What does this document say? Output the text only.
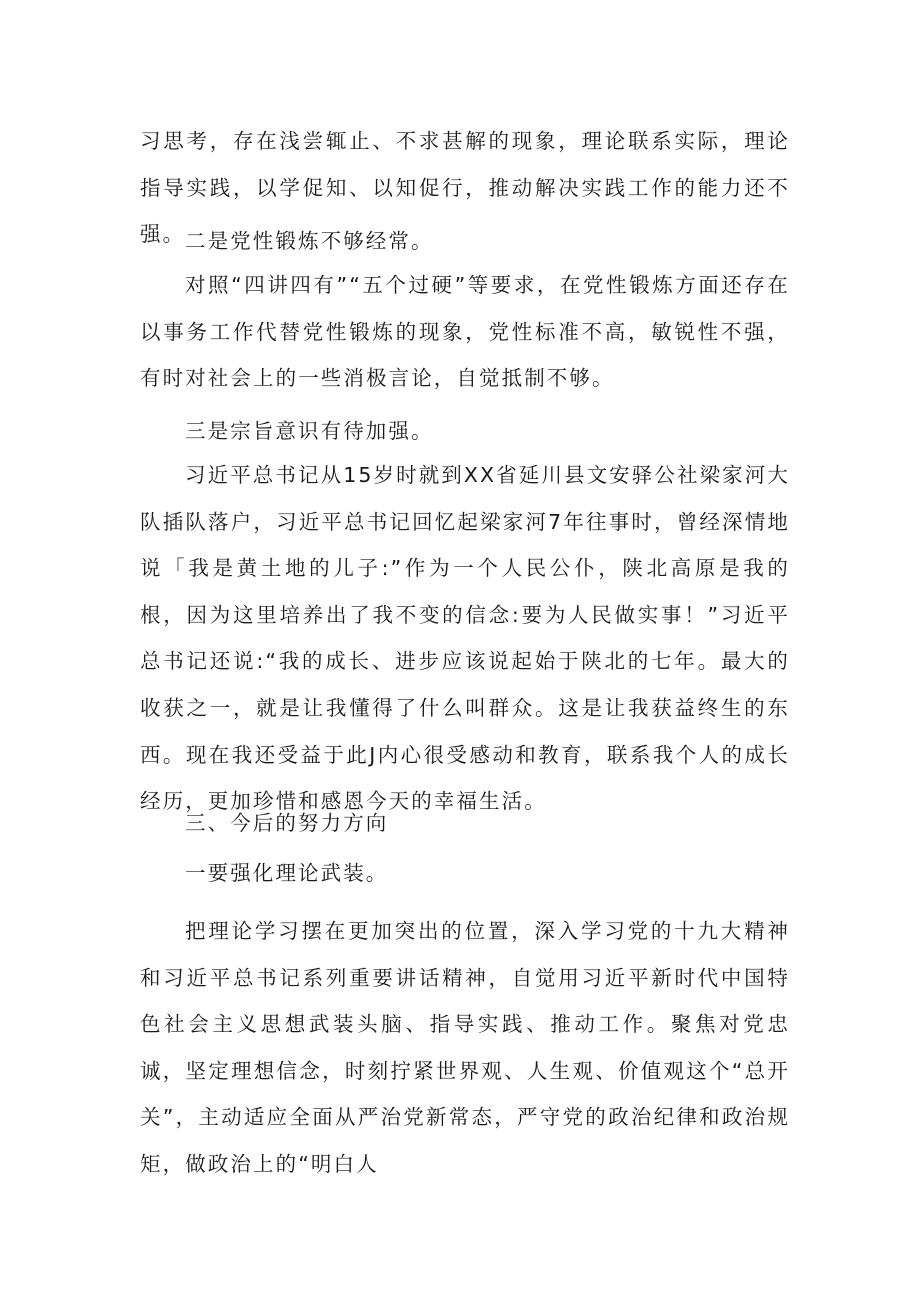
习思考，存在浅尝辄止、不求甚解的现象，理论联系实际，理论指导实践，以学促知、以知促行，推动解决实践工作的能力还不强。 二是党性锻炼不够经常。

对照“四讲四有”“五个过硬”等要求，在党性锻炼方面还存在以事务工作代替党性锻炼的现象，党性标准不高，敏锐性不强，有时对社会上的一些消极言论，自觉抵制不够。

三是宗旨意识有待加强。

习近平总书记从15岁时就到XX省延川县文安驿公社梁家河大队插队落户，习近平总书记回忆起梁家河7年往事时，曾经深情地说「我是黄土地的儿子:”作为一个人民公仆，陕北高原是我的根，因为这里培养出了我不变的信念:要为人民做实事！”习近平总书记还说:“我的成长、进步应该说起始于陕北的七年。最大的收获之一，就是让我懂得了什么叫群众。这是让我获益终生的东西。现在我还受益于此J内心很受感动和教育，联系我个人的成长经历，更加珍惜和感恩今天的幸福生活。

三、今后的努力方向

一要强化理论武装。

把理论学习摆在更加突出的位置，深入学习党的十九大精神和习近平总书记系列重要讲话精神，自觉用习近平新时代中国特色社会主义思想武装头脑、指导实践、推动工作。聚焦对党忠诚，坚定理想信念，时刻拧紧世界观、人生观、价值观这个“总开关”，主动适应全面从严治党新常态，严守党的政治纪律和政治规矩，做政治上的“明白人
